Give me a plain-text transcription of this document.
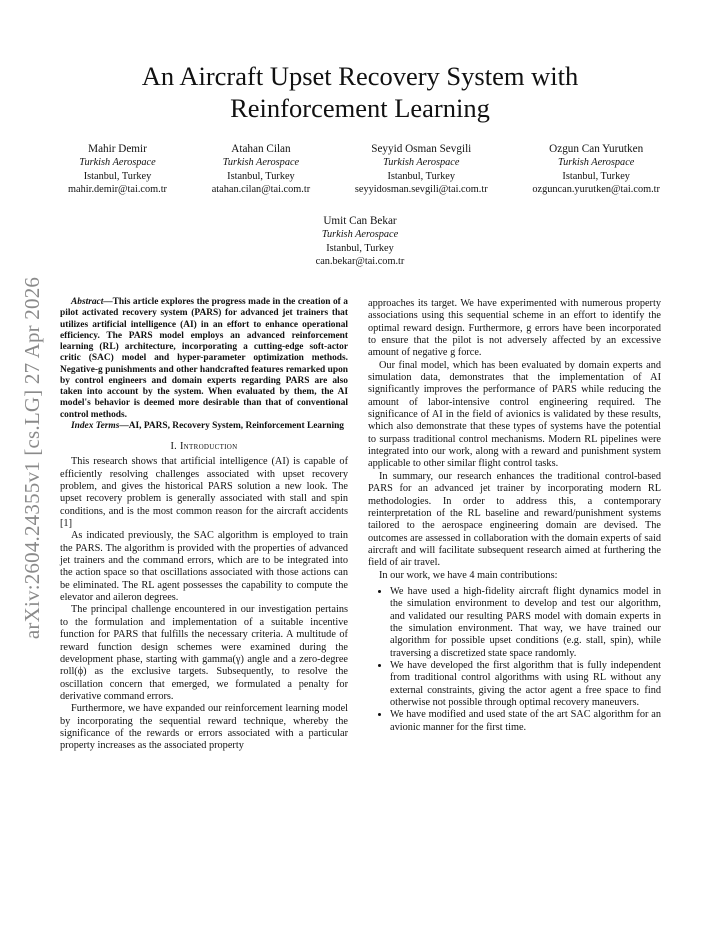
arXiv:2604.24355v1 [cs.LG] 27 Apr 2026
An Aircraft Upset Recovery System with
Reinforcement Learning
Mahir Demir
Turkish Aerospace
Istanbul, Turkey
mahir.demir@tai.com.tr
Atahan Cilan
Turkish Aerospace
Istanbul, Turkey
atahan.cilan@tai.com.tr
Seyyid Osman Sevgili
Turkish Aerospace
Istanbul, Turkey
seyyidosman.sevgili@tai.com.tr
Ozgun Can Yurutken
Turkish Aerospace
Istanbul, Turkey
ozguncan.yurutken@tai.com.tr
Umit Can Bekar
Turkish Aerospace
Istanbul, Turkey
can.bekar@tai.com.tr

Abstract—This article explores the progress made in the creation of a pilot activated recovery system (PARS) for advanced jet trainers that utilizes artificial intelligence (AI) in an effort to enhance operational efficiency. The PARS model employs an advanced reinforcement learning (RL) architecture, incorporating a cutting-edge soft-actor critic (SAC) model and hyper-parameter optimization methods. Negative-g punishments and other handcrafted features remarked upon by control engineers and domain experts regarding PARS are also taken into account by the system. When evaluated by them, the AI model's behavior is deemed more desirable than that of conventional control methods.

Index Terms—AI, PARS, Recovery System, Reinforcement Learning

I. Introduction

This research shows that artificial intelligence (AI) is capable of efficiently resolving challenges associated with upset recovery problem, and gives the historical PARS solution a new look. The upset recovery problem is generally associated with stall and spin conditions, and is the most common reason for the aircraft accidents [1]

As indicated previously, the SAC algorithm is employed to train the PARS. The algorithm is provided with the properties of advanced jet trainers and the command errors, which are to be integrated into the action space so that oscillations associated with those actions can be eliminated. The RL agent possesses the capability to compute the elevator and aileron degrees.

The principal challenge encountered in our investigation pertains to the formulation and implementation of a suitable incentive function for PARS that fulfills the necessary criteria. A multitude of reward function design schemes were examined during the development phase, starting with gamma(γ) angle and a zero-degree roll(ϕ) as the exclusive targets. Subsequently, to resolve the oscillation concern that emerged, we formulated a penalty for derivative command errors.

Furthermore, we have expanded our reinforcement learning model by incorporating the sequential reward technique, whereby the significance of the rewards or errors associated with a particular property increases as the associated property

approaches its target. We have experimented with numerous property associations using this sequential scheme in an effort to identify the optimal reward design. Furthermore, g errors have been incorporated to ensure that the pilot is not adversely affected by an excessive amount of negative g force.

Our final model, which has been evaluated by domain experts and simulation data, demonstrates that the implementation of AI significantly improves the performance of PARS while reducing the amount of labor-intensive control engineering required. The significance of AI in the field of avionics is validated by these results, which also demonstrate that these types of systems have the potential to surpass traditional control mechanisms. Modern RL pipelines were integrated into our work, along with a reward and punishment system applicable to other similar flight control tasks.

In summary, our research enhances the traditional control-based PARS for an advanced jet trainer by incorporating modern RL methodologies. In order to address this, a contemporary reinterpretation of the RL baseline and reward/punishment systems tailored to the aerospace engineering domain are devised. The outcomes are assessed in collaboration with the domain experts of said aircraft and will facilitate subsequent research aimed at furthering the field of air travel.

In our work, we have 4 main contributions:

• We have used a high-fidelity aircraft flight dynamics model in the simulation environment to develop and test our algorithm, and validated our resulting PARS model with domain experts in the simulation environment. That way, we have trained our algorithm for possible upset conditions (e.g. stall, spin), while traversing a discretized state space randomly.
• We have developed the first algorithm that is fully independent from traditional control algorithms with using RL without any external constraints, giving the actor agent a free space to find otherwise not possible through optimal recovery maneuvers.
• We have modified and used state of the art SAC algorithm for an avionic manner for the first time.
